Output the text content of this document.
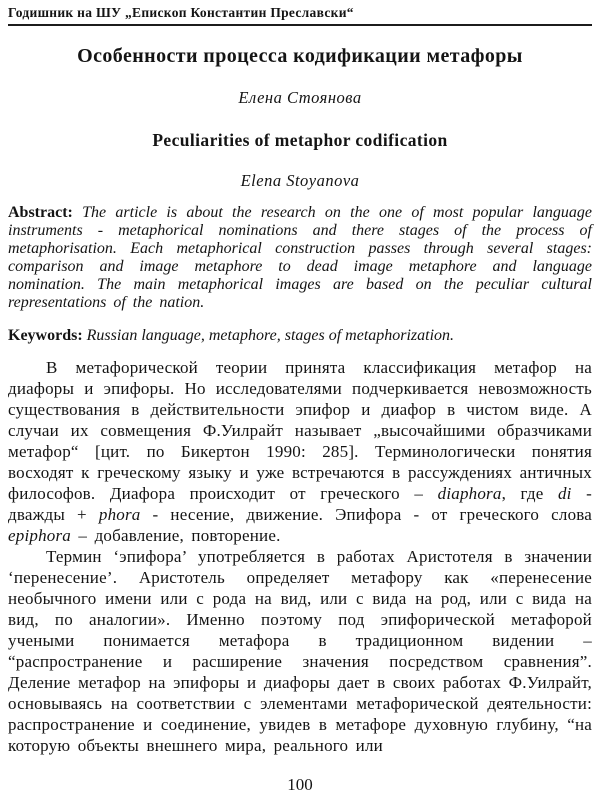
Годишник на ШУ „Епископ Константин Преславски“
Особенности процесса кодификации метафоры
Елена Стоянова
Peculiarities of metaphor codification
Elena Stoyanova
Abstract: The article is about the research on the one of most popular language instruments - metaphorical nominations and there stages of the process of metaphorisation. Each metaphorical construction passes through several stages: comparison and image metaphore to dead image metaphore and language nomination. The main metaphorical images are based on the peculiar cultural representations of the nation.
Keywords: Russian language, metaphore, stages of metaphorization.

В метафорической теории принята классификация метафор на диафоры и эпифоры. Но исследователями подчеркивается невозможность существования в действительности эпифор и диафор в чистом виде. А случаи их совмещения Ф.Уилрайт называет „высочайшими образчиками метафор“ [цит. по Бикертон 1990: 285]. Терминологически понятия восходят к греческому языку и уже встречаются в рассуждениях античных философов. Диафора происходит от греческого – diaphora, где di - дважды + phora - несение, движение. Эпифора - от греческого слова epiphora – добавление, повторение.

Термин ‘эпифора’ употребляется в работах Аристотеля в значении ‘перенесение’. Аристотель определяет метафору как «перенесение необычного имени или с рода на вид, или с вида на род, или с вида на вид, по аналогии». Именно поэтому под эпифорической метафорой учеными понимается метафора в традиционном видении – “распространение и расширение значения посредством сравнения”. Деление метафор на эпифоры и диафоры дает в своих работах Ф.Уилрайт, основываясь на соответствии с элементами метафорической деятельности: распространение и соединение, увидев в метафоре духовную глубину, “на которую объекты внешнего мира, реального или

100
